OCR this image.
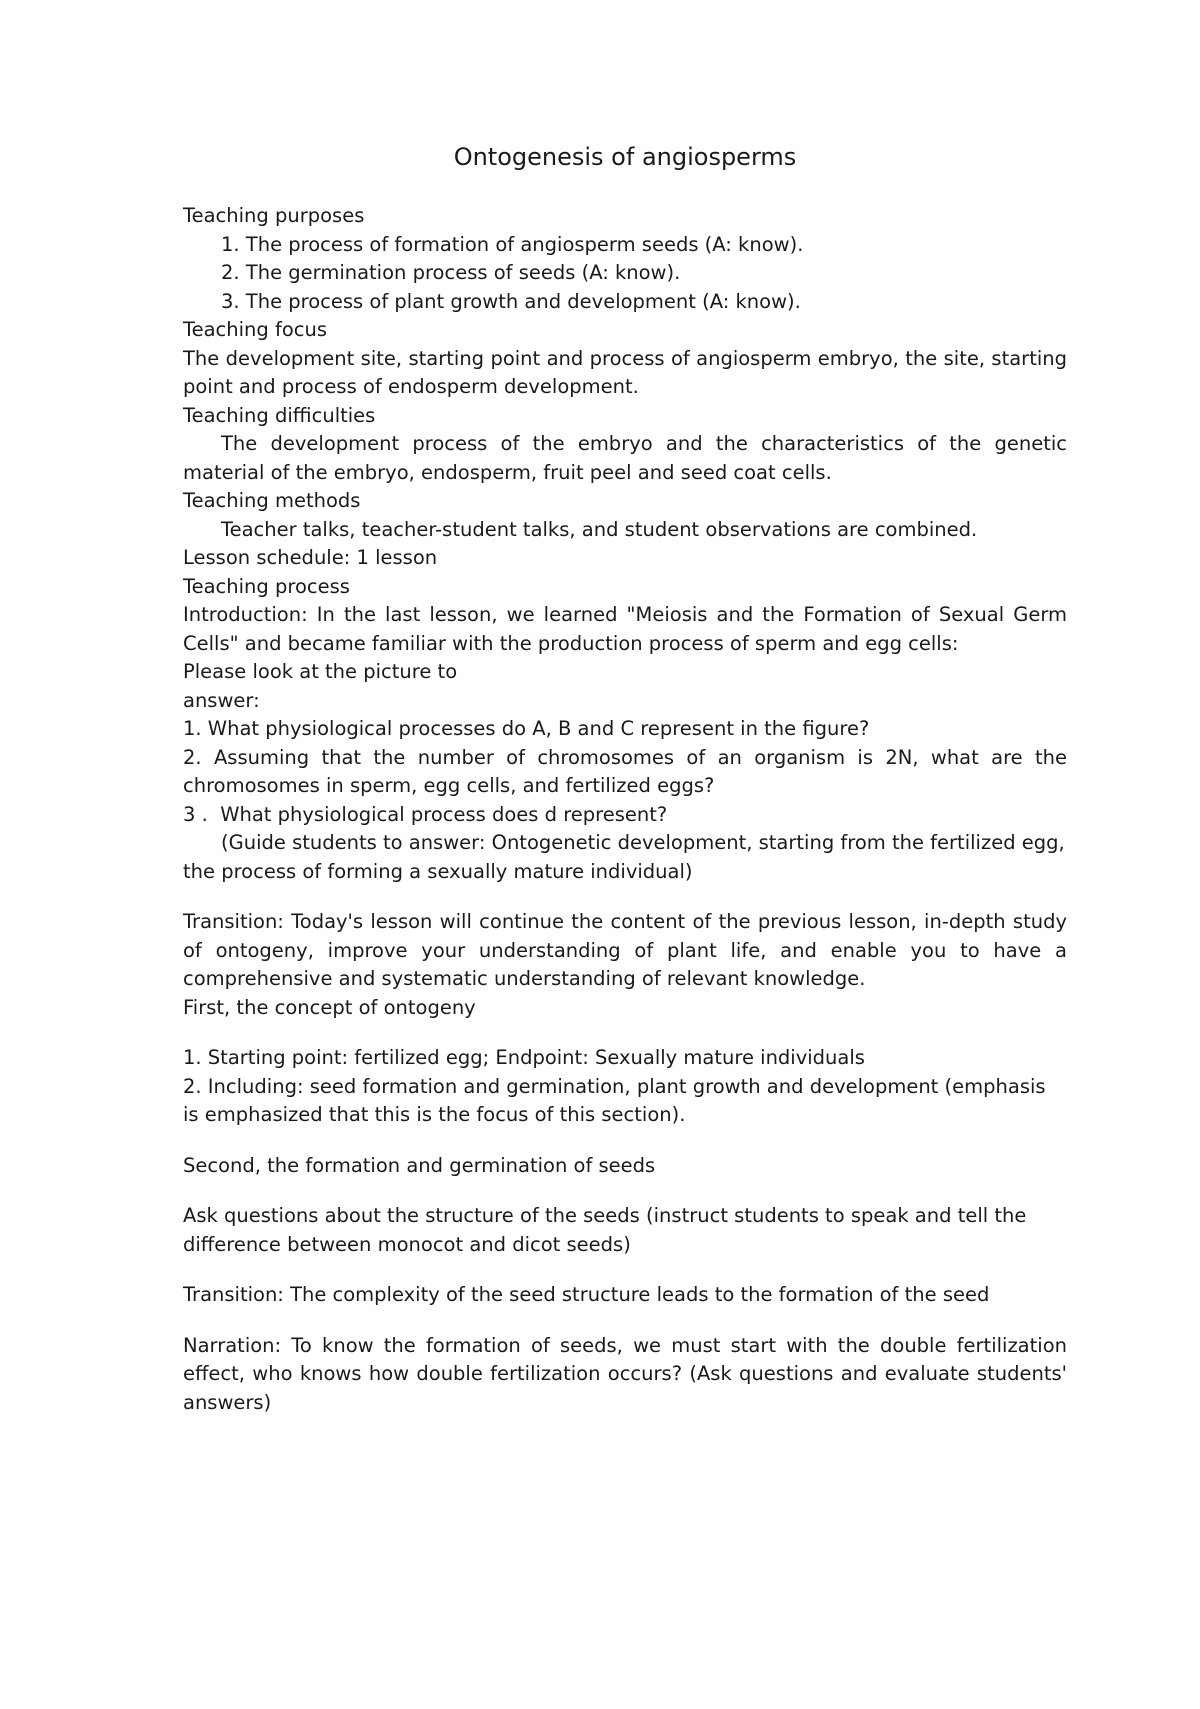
Ontogenesis of angiosperms

Teaching purposes

1. The process of formation of angiosperm seeds (A: know).

2. The germination process of seeds (A: know).

3. The process of plant growth and development (A: know).

Teaching focus

The development site, starting point and process of angiosperm embryo, the site, starting point and process of endosperm development.

Teaching difficulties

The development process of the embryo and the characteristics of the genetic material of the embryo, endosperm, fruit peel and seed coat cells.

Teaching methods

Teacher talks, teacher-student talks, and student observations are combined.

Lesson schedule: 1 lesson

Teaching process

Introduction: In the last lesson, we learned "Meiosis and the Formation of Sexual Germ Cells" and became familiar with the production process of sperm and egg cells:

Please look at the picture to

answer:

1. What physiological processes do A, B and C represent in the figure?

2. Assuming that the number of chromosomes of an organism is 2N, what are the chromosomes in sperm, egg cells, and fertilized eggs?

3 .  What physiological process does d represent?

(Guide students to answer: Ontogenetic development, starting from the fertilized egg, the process of forming a sexually mature individual)

Transition: Today's lesson will continue the content of the previous lesson, in-depth study of ontogeny, improve your understanding of plant life, and enable you to have a comprehensive and systematic understanding of relevant knowledge.

First, the concept of ontogeny

1. Starting point: fertilized egg; Endpoint: Sexually mature individuals

2. Including: seed formation and germination, plant growth and development (emphasis is emphasized that this is the focus of this section).

Second, the formation and germination of seeds

Ask questions about the structure of the seeds (instruct students to speak and tell the difference between monocot and dicot seeds)

Transition: The complexity of the seed structure leads to the formation of the seed

Narration: To know the formation of seeds, we must start with the double fertilization effect, who knows how double fertilization occurs? (Ask questions and evaluate students' answers)
